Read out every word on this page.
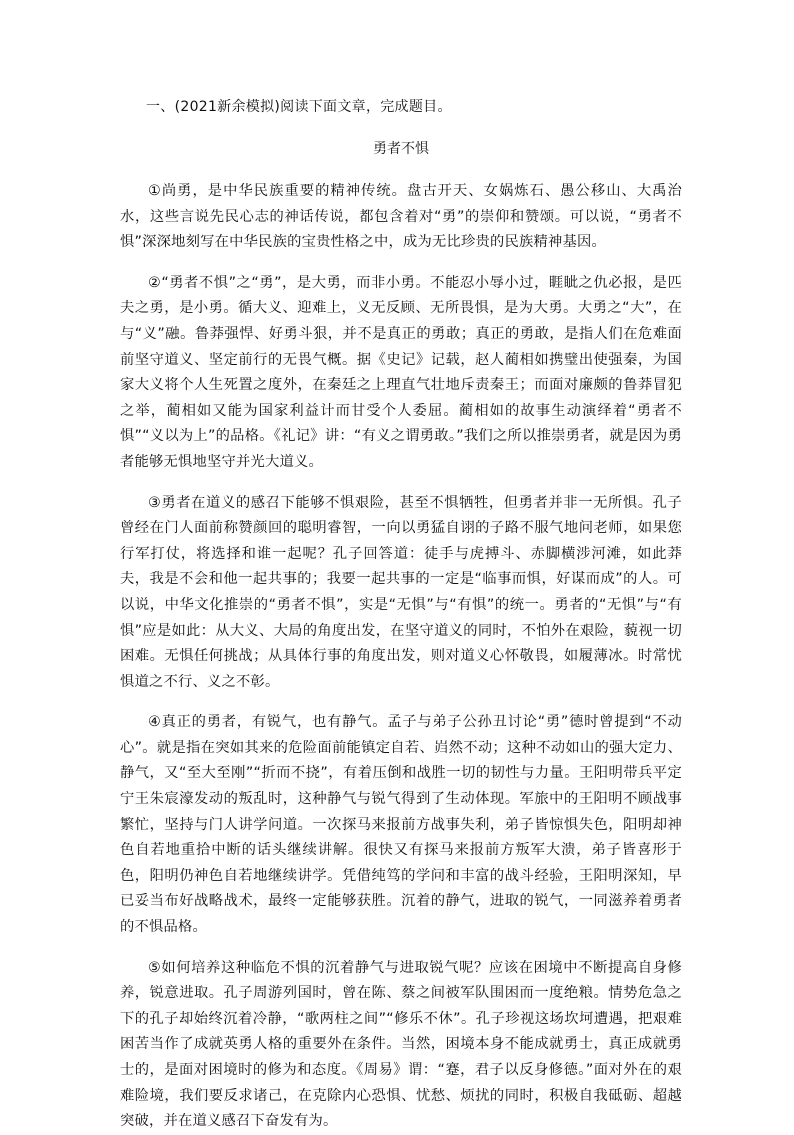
一、(2021新余模拟)阅读下面文章，完成题目。
勇者不惧

①尚勇，是中华民族重要的精神传统。盘古开天、女娲炼石、愚公移山、大禹治水，这些言说先民心志的神话传说，都包含着对“勇”的崇仰和赞颂。可以说，“勇者不惧”深深地刻写在中华民族的宝贵性格之中，成为无比珍贵的民族精神基因。

②“勇者不惧”之“勇”，是大勇，而非小勇。不能忍小辱小过，睚眦之仇必报，是匹夫之勇，是小勇。循大义、迎难上，义无反顾、无所畏惧，是为大勇。大勇之“大”，在与“义”融。鲁莽强悍、好勇斗狠，并不是真正的勇敢；真正的勇敢，是指人们在危难面前坚守道义、坚定前行的无畏气概。据《史记》记载，赵人蔺相如携璧出使强秦，为国家大义将个人生死置之度外，在秦廷之上理直气壮地斥责秦王；而面对廉颇的鲁莽冒犯之举，蔺相如又能为国家利益计而甘受个人委屈。蔺相如的故事生动演绎着“勇者不惧”“义以为上”的品格。《礼记》讲：“有义之谓勇敢。”我们之所以推崇勇者，就是因为勇者能够无惧地坚守并光大道义。

③勇者在道义的感召下能够不惧艰险，甚至不惧牺牲，但勇者并非一无所惧。孔子曾经在门人面前称赞颜回的聪明睿智，一向以勇猛自诩的子路不服气地问老师，如果您行军打仗，将选择和谁一起呢？孔子回答道：徒手与虎搏斗、赤脚横涉河滩，如此莽夫，我是不会和他一起共事的；我要一起共事的一定是“临事而惧，好谋而成”的人。可以说，中华文化推崇的“勇者不惧”，实是“无惧”与“有惧”的统一。勇者的“无惧”与“有惧”应是如此：从大义、大局的角度出发，在坚守道义的同时，不怕外在艰险，藐视一切困难。无惧任何挑战；从具体行事的角度出发，则对道义心怀敬畏，如履薄冰。时常忧惧道之不行、义之不彰。

④真正的勇者，有锐气，也有静气。孟子与弟子公孙丑讨论“勇”德时曾提到“不动心”。就是指在突如其来的危险面前能镇定自若、岿然不动；这种不动如山的强大定力、静气，又“至大至刚”“折而不挠”，有着压倒和战胜一切的韧性与力量。王阳明带兵平定宁王朱宸濠发动的叛乱时，这种静气与锐气得到了生动体现。军旅中的王阳明不顾战事繁忙，坚持与门人讲学问道。一次探马来报前方战事失利，弟子皆惊惧失色，阳明却神色自若地重拾中断的话头继续讲解。很快又有探马来报前方叛军大溃，弟子皆喜形于色，阳明仍神色自若地继续讲学。凭借纯笃的学问和丰富的战斗经验，王阳明深知，早已妥当布好战略战术，最终一定能够获胜。沉着的静气，进取的锐气，一同滋养着勇者的不惧品格。

⑤如何培养这种临危不惧的沉着静气与进取锐气呢？应该在困境中不断提高自身修养，锐意进取。孔子周游列国时，曾在陈、蔡之间被军队围困而一度绝粮。情势危急之下的孔子却始终沉着冷静，“歌两柱之间”“修乐不休”。孔子珍视这场坎坷遭遇，把艰难困苦当作了成就英勇人格的重要外在条件。当然，困境本身不能成就勇士，真正成就勇士的，是面对困境时的修为和态度。《周易》谓：“蹇，君子以反身修德。”面对外在的艰难险境，我们要反求诸己，在克除内心恐惧、忧愁、烦扰的同时，积极自我砥砺、超越突破，并在道义感召下奋发有为。
